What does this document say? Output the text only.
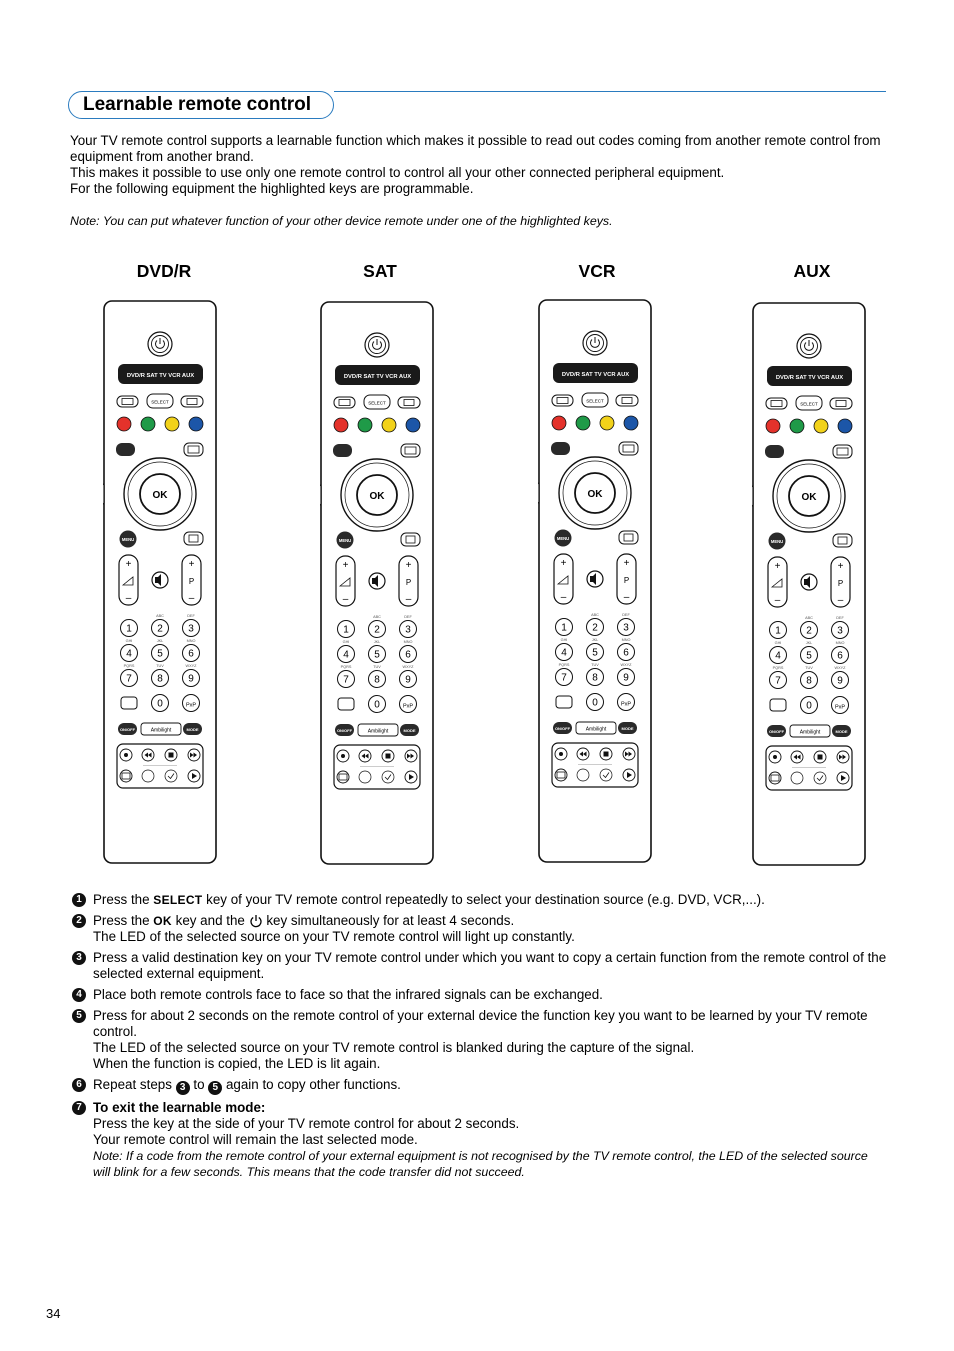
Learnable remote control

Your TV remote control supports a learnable function which makes it possible to read out codes coming from another remote control from equipment from another brand.

This makes it possible to use only one remote control to control all your other connected peripheral equipment.

For the following equipment the highlighted keys are programmable.

Note: You can put whatever function of your other device remote under one of the highlighted keys.
DVD/R	SAT	VCR	AUX
DVD/R SAT TV VCR AUX
SELECT
OK
MENU
+
–
+
P
–
1
ABC
2
DEF
3
GHI
4
JKL
5
MNO
6
PQRS
7
TUV
8
WXYZ
9
0	PxP
ON/OFF	Ambilight	MODE
DVD/R SAT TV VCR AUX
SELECT
OK
MENU
+
–
+
P
–
1
ABC
2
DEF
3
GHI
4
JKL
5
MNO
6
PQRS
7
TUV
8
WXYZ
9
0	PxP
ON/OFF	Ambilight	MODE
DVD/R SAT TV VCR AUX
SELECT
OK
MENU
+
–
+
P
–
1
ABC
2
DEF
3
GHI
4
JKL
5
MNO
6
PQRS
7
TUV
8
WXYZ
9
0	PxP
ON/OFF	Ambilight	MODE
DVD/R SAT TV VCR AUX
SELECT
OK
MENU
+
–
+
P
–
1
ABC
2
DEF
3
GHI
4
JKL
5
MNO
6
PQRS
7
TUV
8
WXYZ
9
0	PxP
ON/OFF	Ambilight	MODE
1 Press the SELECT key of your TV remote control repeatedly to select your destination source (e.g. DVD, VCR,...).
2 Press the OK key and the  key simultaneously for at least 4 seconds.
The LED of the selected source on your TV remote control will light up constantly.
3 Press a valid destination key on your TV remote control under which you want to copy a certain function from the remote control of the selected external equipment.
4 Place both remote controls face to face so that the infrared signals can be exchanged.
5 Press for about 2 seconds on the remote control of your external device the function key you want to be learned by your TV remote control.
The LED of the selected source on your TV remote control is blanked during the capture of the signal.
When the function is copied, the LED is lit again.
6 Repeat steps 3 to 5 again to copy other functions.
7 To exit the learnable mode:
Press the key at the side of your TV remote control for about 2 seconds.
Your remote control will remain the last selected mode.
Note: If a code from the remote control of your external equipment is not recognised by the TV remote control, the LED of the selected source will blink for a few seconds. This means that the code transfer did not succeed.
34
